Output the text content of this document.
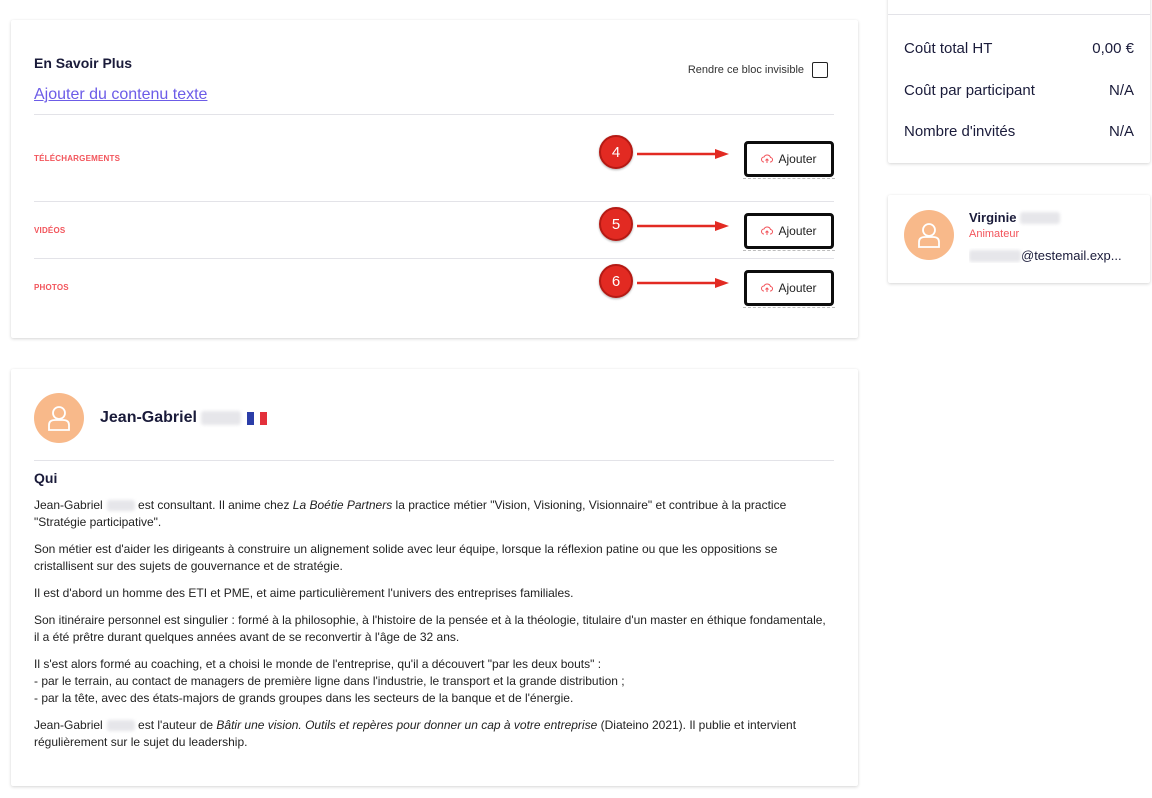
En Savoir Plus
Ajouter du contenu texte
Rendre ce bloc invisible
TÉLÉCHARGEMENTS	4	Ajouter
VIDÉOS	5	Ajouter
PHOTOS	6	Ajouter
Jean-Gabriel
Qui

Jean-Gabriel	est consultant. Il anime chez La Boétie Partners la practice métier "Vision, Visioning, Visionnaire" et contribue à la practice "Stratégie participative".

Son métier est d'aider les dirigeants à construire un alignement solide avec leur équipe, lorsque la réflexion patine ou que les oppositions se cristallisent sur des sujets de gouvernance et de stratégie.

Il est d'abord un homme des ETI et PME, et aime particulièrement l'univers des entreprises familiales.

Son itinéraire personnel est singulier : formé à la philosophie, à l'histoire de la pensée et à la théologie, titulaire d'un master en éthique fondamentale, il a été prêtre durant quelques années avant de se reconvertir à l'âge de 32 ans.

Il s'est alors formé au coaching, et a choisi le monde de l'entreprise, qu'il a découvert "par les deux bouts" :
- par le terrain, au contact de managers de première ligne dans l'industrie, le transport et la grande distribution ;
- par la tête, avec des états-majors de grands groupes dans les secteurs de la banque et de l'énergie.

Jean-Gabriel	est l'auteur de Bâtir une vision. Outils et repères pour donner un cap à votre entreprise (Diateino 2021). Il publie et intervient régulièrement sur le sujet du leadership.

Coût total HT	0,00 €
Coût par participant	N/A
Nombre d'invités	N/A
Virginie
Animateur
@testemail.exp...
